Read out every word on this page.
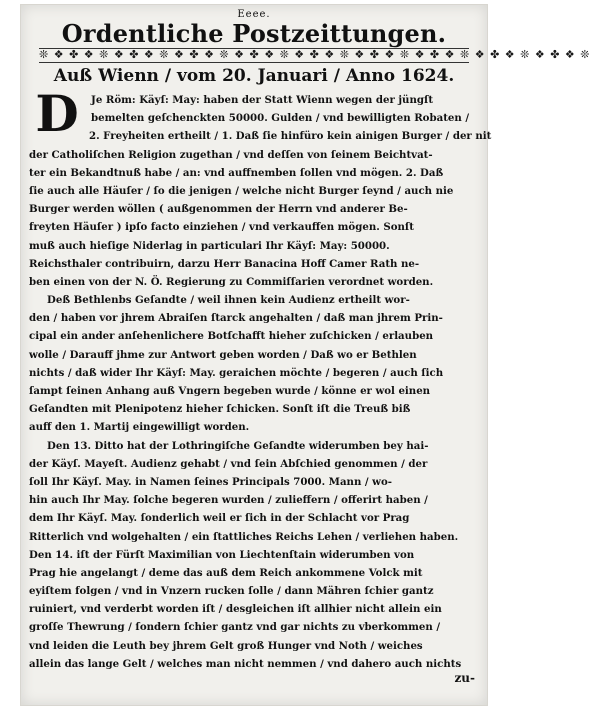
Eeee.
Ordentliche Postzeittungen.
❊ ❖ ✤ ❖ ❊ ❖ ✤ ❖ ❊ ❖ ✤ ❖ ❊ ❖ ✤ ❖ ❊ ❖ ✤ ❖ ❊ ❖ ✤ ❖ ❊ ❖ ✤ ❖ ❊ ❖ ✤ ❖ ❊ ❖ ✤ ❖ ❊
Auß Wienn / vom 20. Januari / Anno 1624.
D	Je Röm: Käyſ: May: haben der Statt Wienn wegen der jüngſt
bemelten geſchenckten 50000. Gulden / vnd bewilligten Robaten /
2. Freyheiten ertheilt / 1. Daß ſie hinfüro kein ainigen Burger / der nit
der Catholiſchen Religion zugethan / vnd deſſen von ſeinem Beichtvat-
ter ein Bekandtnuß habe / an: vnd auffnemben ſollen vnd mögen. 2. Daß
ſie auch alle Häuſer / ſo die jenigen / welche nicht Burger ſeynd / auch nie
Burger werden wöllen ( außgenommen der Herrn vnd anderer Be-
freyten Häuſer ) ipſo facto einziehen / vnd verkauffen mögen. Sonſt
muß auch hieſige Niderlag in particulari Ihr Käyſ: May: 50000.
Reichsthaler contribuirn, darzu Herr Banacina Hoff Camer Rath ne-
ben einen von der N. Ö. Regierung zu Commiſſarien verordnet worden.
Deß Bethlenbs Geſandte / weil ihnen kein Audienz ertheilt wor-
den / haben vor jhrem Abraiſen ſtarck angehalten / daß man jhrem Prin-
cipal ein ander anſehenlichere Botſchafft hieher zuſchicken / erlauben
wolle / Darauff jhme zur Antwort geben worden / Daß wo er Bethlen
nichts / daß wider Ihr Käyſ: May. geraichen möchte / begeren / auch ſich
ſampt ſeinen Anhang auß Vngern begeben wurde / könne er wol einen
Geſandten mit Plenipotenz hieher ſchicken. Sonſt iſt die Treuß biß
auff den 1. Martij eingewilligt worden.
Den 13. Ditto hat der Lothringiſche Geſandte widerumben bey hai-
der Käyſ. Mayeſt. Audienz gehabt / vnd ſein Abſchied genommen / der
ſoll Ihr Käyſ. May. in Namen ſeines Principals 7000. Mann / wo-
hin auch Ihr May. ſolche begeren wurden / zulieffern / offerirt haben /
dem Ihr Käyſ. May. ſonderlich weil er ſich in der Schlacht vor Prag
Ritterlich vnd wolgehalten / ein ſtattliches Reichs Lehen / verliehen haben.
Den 14. iſt der Fürſt Maximilian von Liechtenſtain widerumben von
Prag hie angelangt / deme das auß dem Reich ankommene Volck mit
eyiſtem folgen / vnd in Vnzern rucken ſolle / dann Mähren ſchier gantz
ruiniert, vnd verderbt worden iſt / desgleichen iſt allhier nicht allein ein
groſſe Thewrung / ſondern ſchier gantz vnd gar nichts zu vberkommen /
vnd leiden die Leuth bey jhrem Gelt groß Hunger vnd Noth / weiches
allein das lange Gelt / welches man nicht nemmen / vnd dahero auch nichts
zu-
